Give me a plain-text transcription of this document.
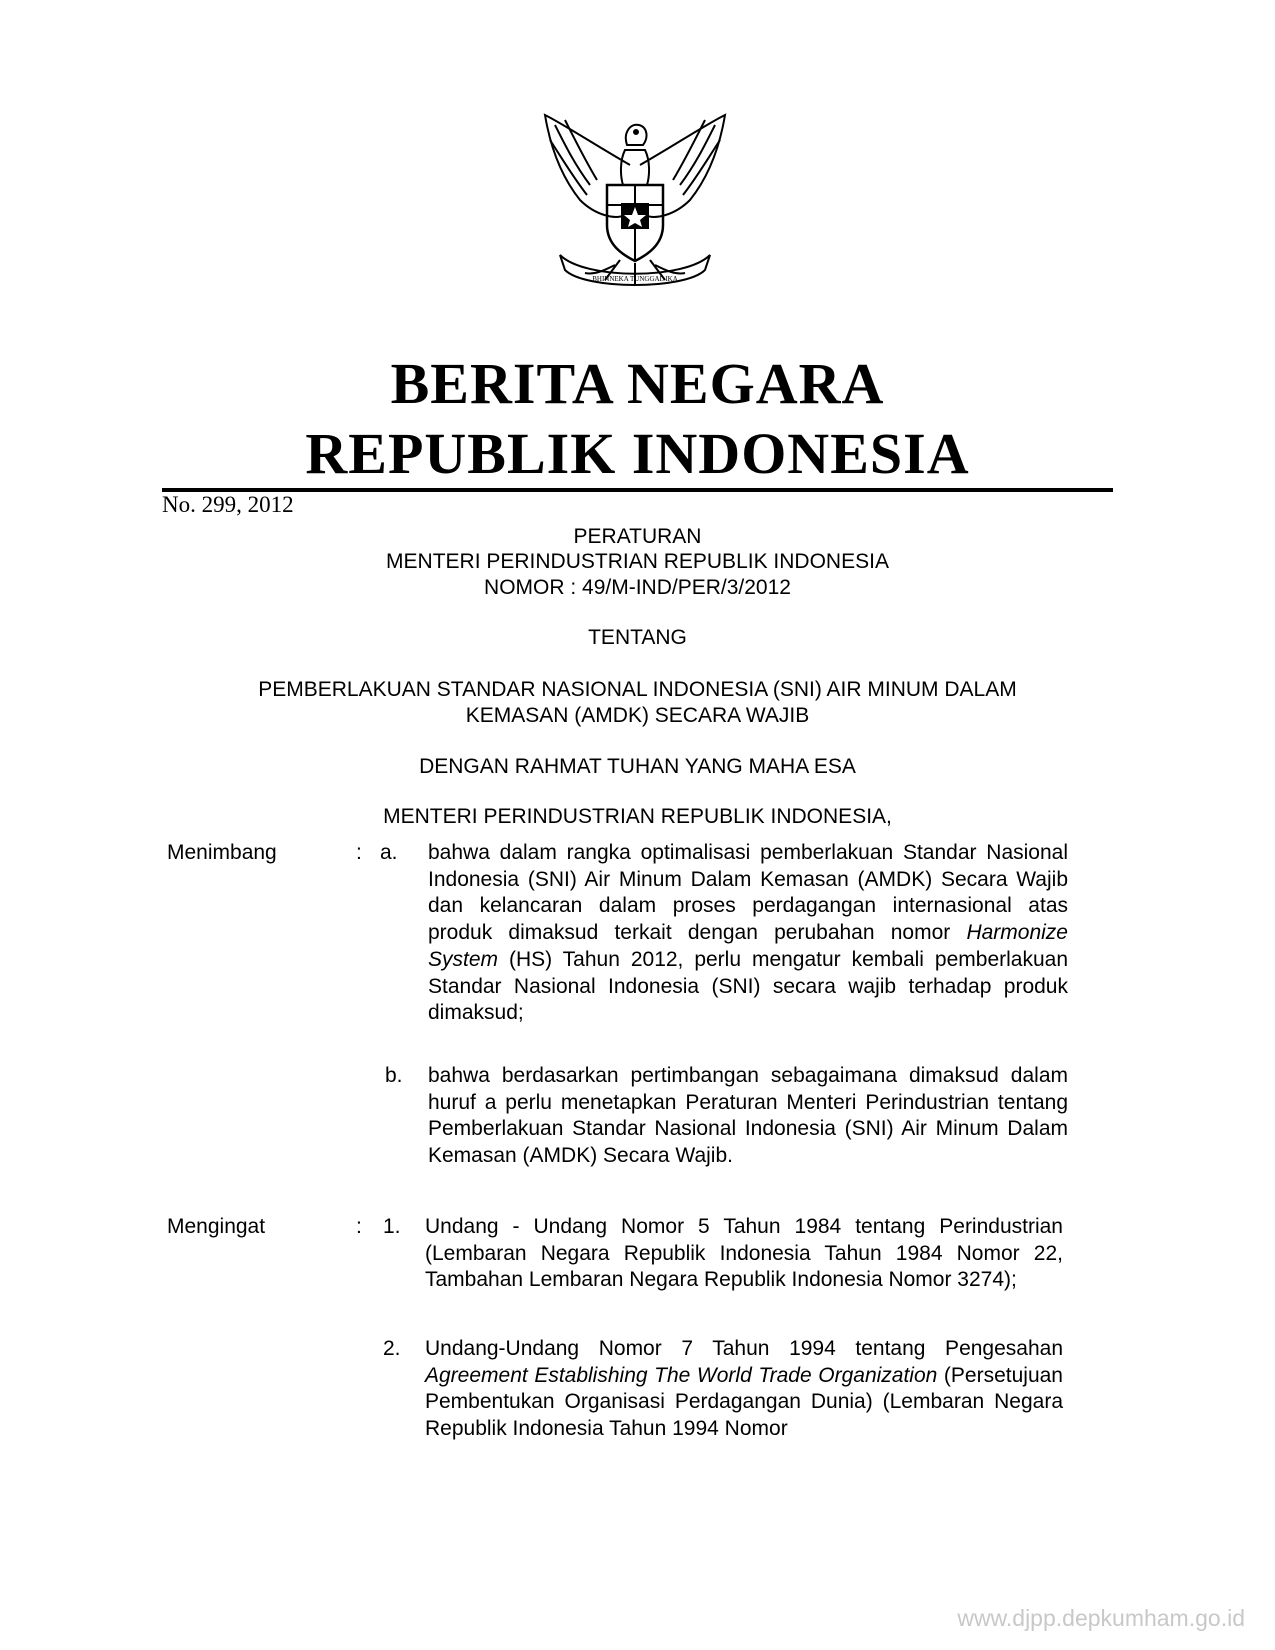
BHINNEKA TUNGGAL IKA
BERITA NEGARA
REPUBLIK INDONESIA
No. 299, 2012
PERATURAN
MENTERI PERINDUSTRIAN REPUBLIK INDONESIA
NOMOR : 49/M-IND/PER/3/2012
TENTANG
PEMBERLAKUAN STANDAR NASIONAL INDONESIA (SNI) AIR MINUM DALAM
KEMASAN (AMDK) SECARA WAJIB
DENGAN RAHMAT TUHAN YANG MAHA ESA
MENTERI PERINDUSTRIAN REPUBLIK INDONESIA,
Menimbang	: a. bahwa dalam rangka optimalisasi pemberlakuan Standar Nasional Indonesia (SNI) Air Minum Dalam Kemasan (AMDK) Secara Wajib dan kelancaran dalam proses perdagangan internasional atas produk dimaksud terkait dengan perubahan nomor Harmonize System (HS) Tahun 2012, perlu mengatur kembali pemberlakuan Standar Nasional Indonesia (SNI) secara wajib terhadap produk dimaksud;
b. bahwa berdasarkan pertimbangan sebagaimana dimaksud dalam huruf a perlu menetapkan Peraturan Menteri Perindustrian tentang Pemberlakuan Standar Nasional Indonesia (SNI) Air Minum Dalam Kemasan (AMDK) Secara Wajib.
Mengingat	: 1. Undang - Undang Nomor 5 Tahun 1984 tentang Perindustrian (Lembaran Negara Republik Indonesia Tahun 1984 Nomor 22, Tambahan Lembaran Negara Republik Indonesia Nomor 3274);
2. Undang-Undang Nomor 7 Tahun 1994 tentang Pengesahan Agreement Establishing The World Trade Organization (Persetujuan Pembentukan Organisasi Perdagangan Dunia) (Lembaran Negara Republik Indonesia Tahun 1994 Nomor
www.djpp.depkumham.go.id
